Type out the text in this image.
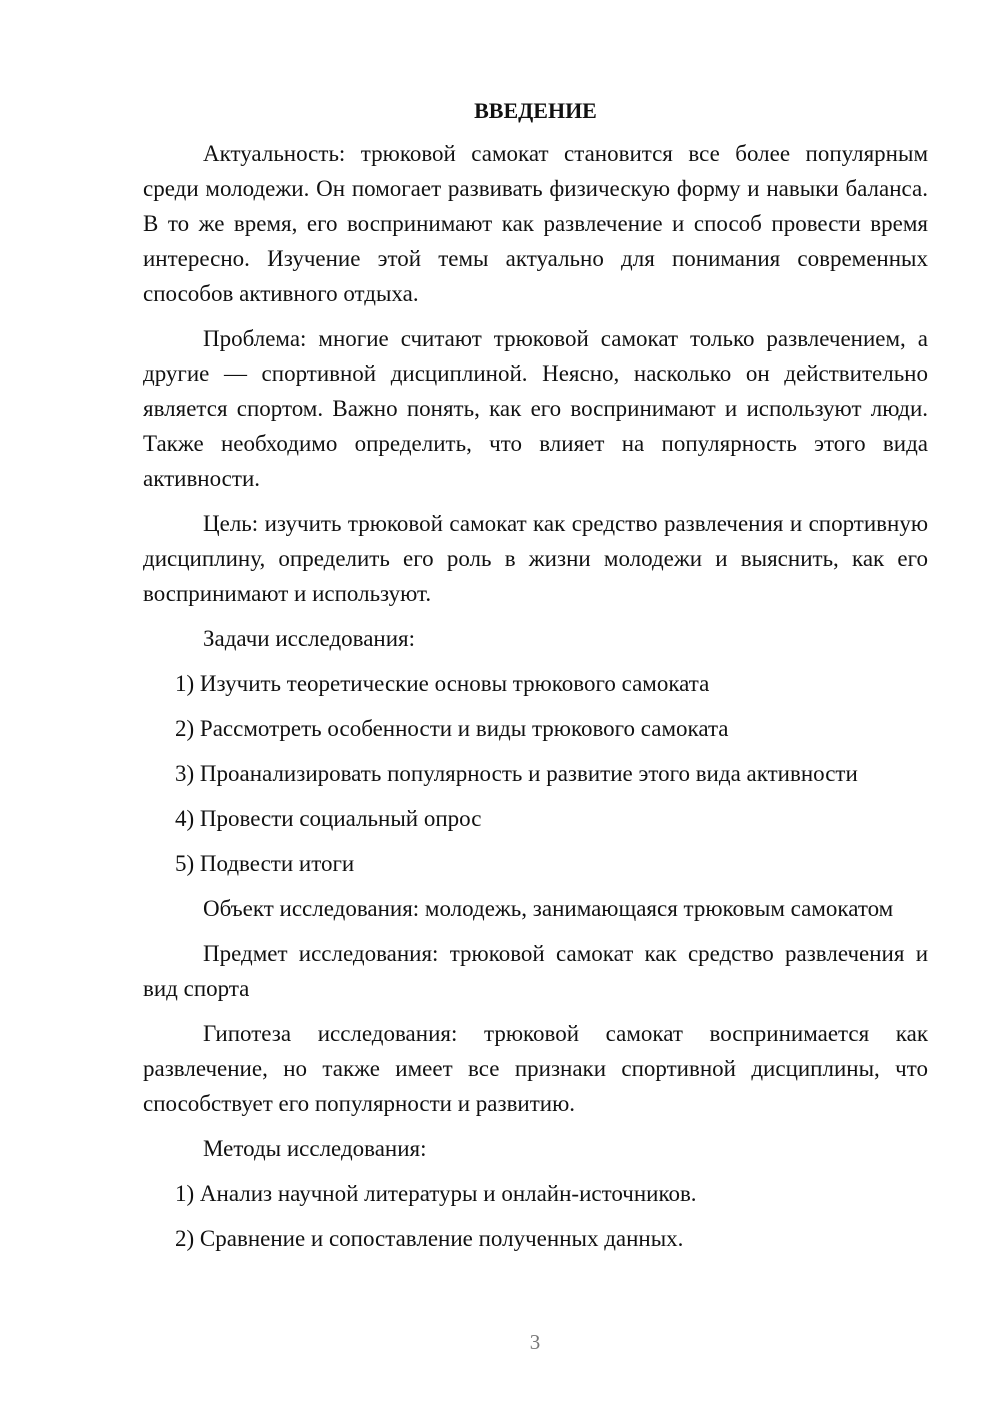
ВВЕДЕНИЕ

Актуальность: трюковой самокат становится все более популярным среди молодежи. Он помогает развивать физическую форму и навыки баланса. В то же время, его воспринимают как развлечение и способ провести время интересно. Изучение этой темы актуально для понимания современных способов активного отдыха.

Проблема: многие считают трюковой самокат только развлечением, а другие — спортивной дисциплиной. Неясно, насколько он действительно является спортом. Важно понять, как его воспринимают и используют люди. Также необходимо определить, что влияет на популярность этого вида активности.

Цель: изучить трюковой самокат как средство развлечения и спортивную дисциплину, определить его роль в жизни молодежи и выяснить, как его воспринимают и используют.

Задачи исследования:

1) Изучить теоретические основы трюкового самоката
2) Рассмотреть особенности и виды трюкового самоката
3) Проанализировать популярность и развитие этого вида активности
4) Провести социальный опрос
5) Подвести итоги

Объект исследования: молодежь, занимающаяся трюковым самокатом

Предмет исследования: трюковой самокат как средство развлечения и вид спорта

Гипотеза исследования: трюковой самокат воспринимается как развлечение, но также имеет все признаки спортивной дисциплины, что способствует его популярности и развитию.

Методы исследования:

1) Анализ научной литературы и онлайн-источников.
2) Сравнение и сопоставление полученных данных.
3
